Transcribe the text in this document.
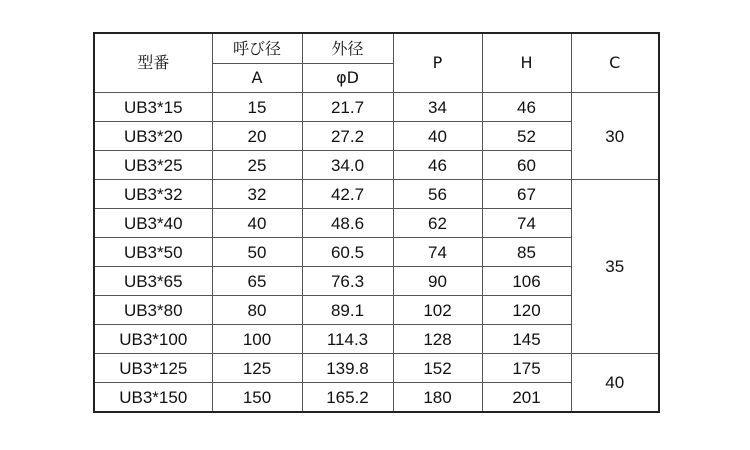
型番	呼び径	外径	P	H	C
	A	φD			
UB3*15	15	21.7	34	46	30
UB3*20	20	27.2	40	52	
UB3*25	25	34.0	46	60	
UB3*32	32	42.7	56	67	35
UB3*40	40	48.6	62	74	
UB3*50	50	60.5	74	85	
UB3*65	65	76.3	90	106	
UB3*80	80	89.1	102	120	
UB3*100	100	114.3	128	145	
UB3*125	125	139.8	152	175	40
UB3*150	150	165.2	180	201	
